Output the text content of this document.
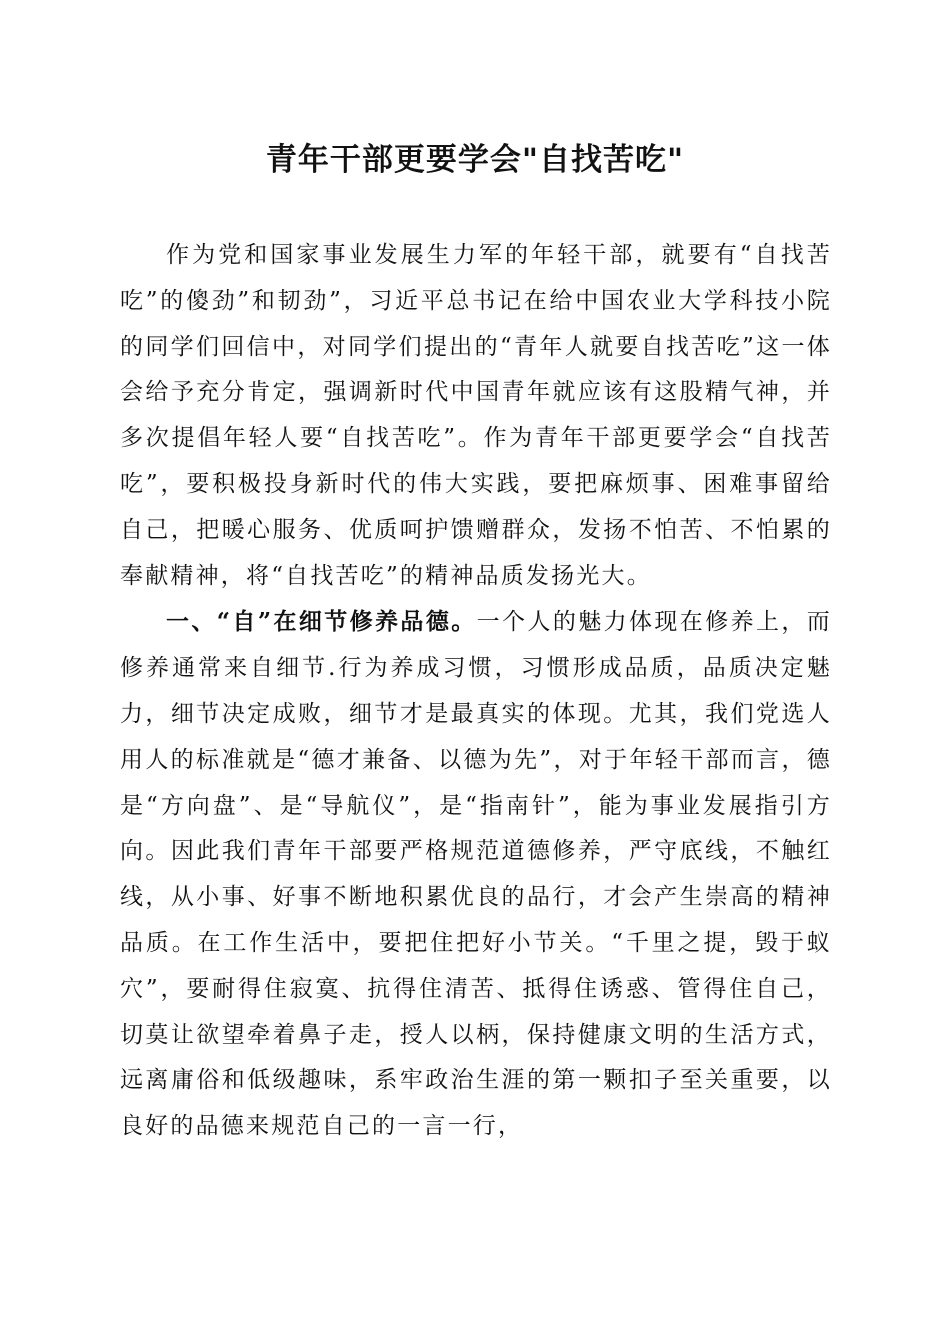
青年干部更要学会"自找苦吃"

作为党和国家事业发展生力军的年轻干部，就要有“自找苦吃”的傻劲”和韧劲”，习近平总书记在给中国农业大学科技小院的同学们回信中，对同学们提出的“青年人就要自找苦吃”这一体会给予充分肯定，强调新时代中国青年就应该有这股精气神，并多次提倡年轻人要“自找苦吃”。作为青年干部更要学会“自找苦吃”，要积极投身新时代的伟大实践，要把麻烦事、困难事留给自己，把暖心服务、优质呵护馈赠群众，发扬不怕苦、不怕累的奉献精神，将“自找苦吃”的精神品质发扬光大。

一、“自”在细节修养品德。一个人的魅力体现在修养上，而修养通常来自细节.行为养成习惯，习惯形成品质，品质决定魅力，细节决定成败，细节才是最真实的体现。尤其，我们党选人用人的标准就是“德才兼备、以德为先”，对于年轻干部而言，德是“方向盘”、是“导航仪”，是“指南针”，能为事业发展指引方向。因此我们青年干部要严格规范道德修养，严守底线，不触红线，从小事、好事不断地积累优良的品行，才会产生崇高的精神品质。在工作生活中，要把住把好小节关。“千里之提，毁于蚁穴”，要耐得住寂寞、抗得住清苦、抵得住诱惑、管得住自己，切莫让欲望牵着鼻子走，授人以柄，保持健康文明的生活方式，远离庸俗和低级趣味，系牢政治生涯的第一颗扣子至关重要，以良好的品德来规范自己的一言一行，
